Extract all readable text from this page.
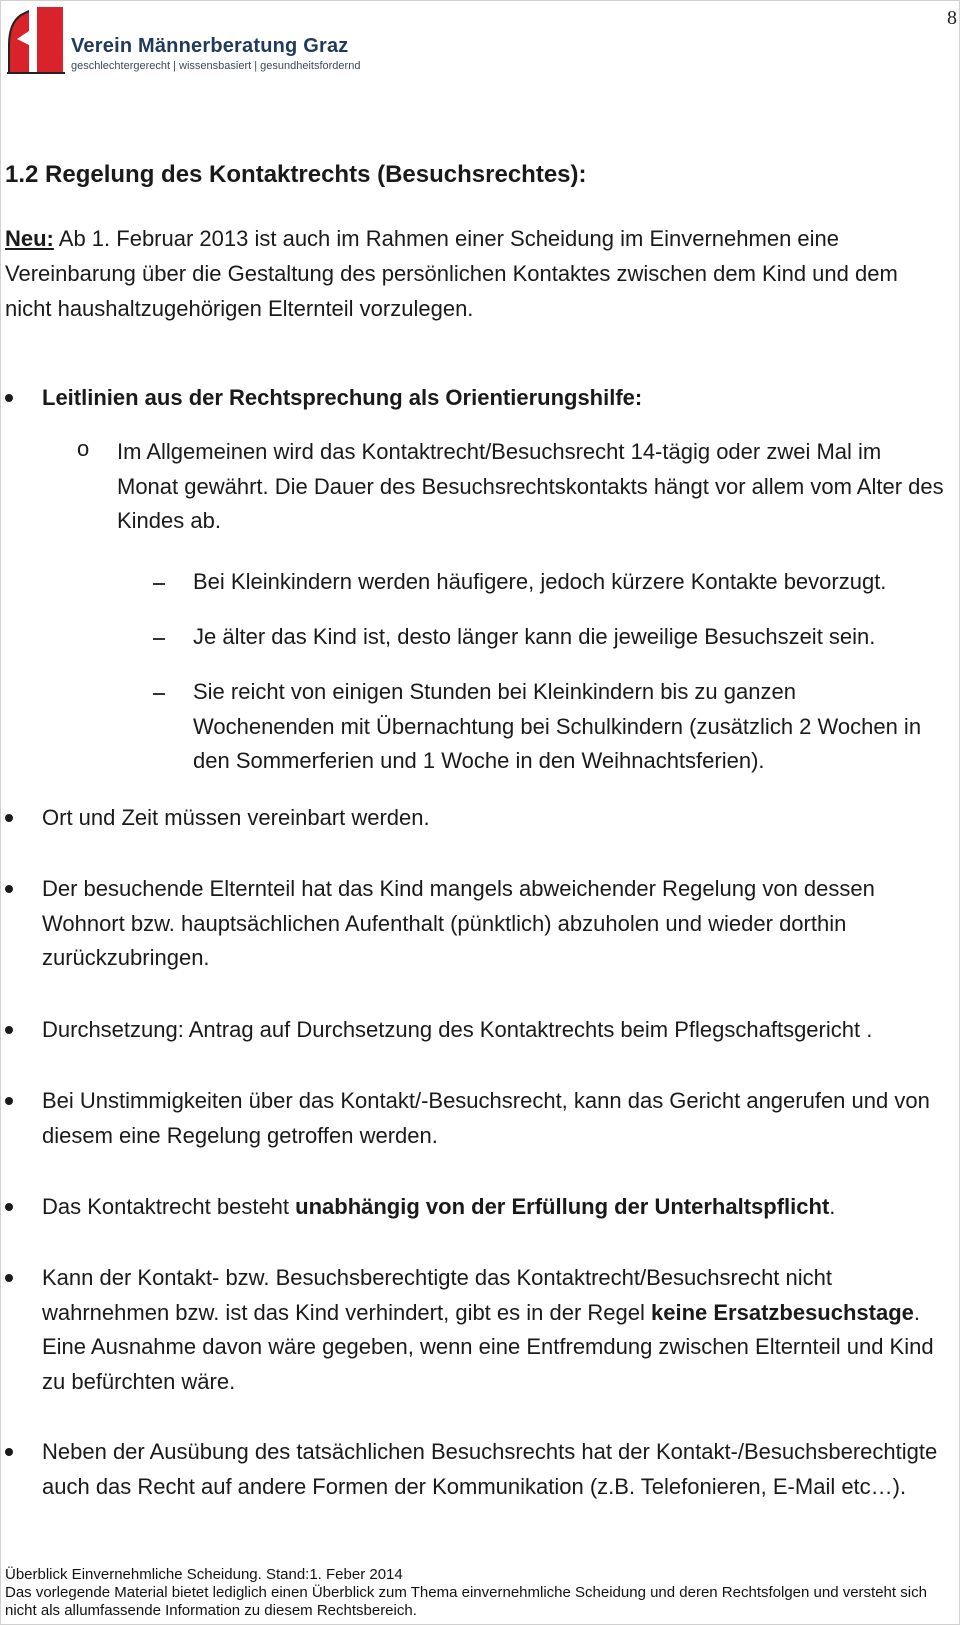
8
Verein Männerberatung Graz
geschlechtergerecht | wissensbasiert | gesundheitsfordernd
1.2 Regelung des Kontaktrechts (Besuchsrechtes):
Neu: Ab 1. Februar 2013 ist auch im Rahmen einer Scheidung im Einvernehmen eine Vereinbarung über die Gestaltung des persönlichen Kontaktes zwischen dem Kind und dem nicht haushaltzugehörigen Elternteil vorzulegen.
Leitlinien aus der Rechtsprechung als Orientierungshilfe:
o Im Allgemeinen wird das Kontaktrecht/Besuchsrecht 14-tägig oder zwei Mal im Monat gewährt. Die Dauer des Besuchsrechtskontakts hängt vor allem vom Alter des Kindes ab.
Bei Kleinkindern werden häufigere, jedoch kürzere Kontakte bevorzugt.
Je älter das Kind ist, desto länger kann die jeweilige Besuchszeit sein.
Sie reicht von einigen Stunden bei Kleinkindern bis zu ganzen Wochenenden mit Übernachtung bei Schulkindern (zusätzlich 2 Wochen in den Sommerferien und 1 Woche in den Weihnachtsferien).
Ort und Zeit müssen vereinbart werden.
Der besuchende Elternteil hat das Kind mangels abweichender Regelung von dessen Wohnort bzw. hauptsächlichen Aufenthalt (pünktlich) abzuholen und wieder dorthin zurückzubringen.
Durchsetzung: Antrag auf Durchsetzung des Kontaktrechts beim Pflegschaftsgericht .
Bei Unstimmigkeiten über das Kontakt/-Besuchsrecht, kann das Gericht angerufen und von diesem eine Regelung getroffen werden.
Das Kontaktrecht besteht unabhängig von der Erfüllung der Unterhaltspflicht.
Kann der Kontakt- bzw. Besuchsberechtigte das Kontaktrecht/Besuchsrecht nicht wahrnehmen bzw. ist das Kind verhindert, gibt es in der Regel keine Ersatzbesuchstage. Eine Ausnahme davon wäre gegeben, wenn eine Entfremdung zwischen Elternteil und Kind zu befürchten wäre.
Neben der Ausübung des tatsächlichen Besuchsrechts hat der Kontakt-/Besuchsberechtigte auch das Recht auf andere Formen der Kommunikation (z.B. Telefonieren, E-Mail etc…).
Überblick Einvernehmliche Scheidung. Stand:1. Feber 2014
Das vorlegende Material bietet lediglich einen Überblick zum Thema einvernehmliche Scheidung und deren Rechtsfolgen und versteht sich nicht als allumfassende Information zu diesem Rechtsbereich.
